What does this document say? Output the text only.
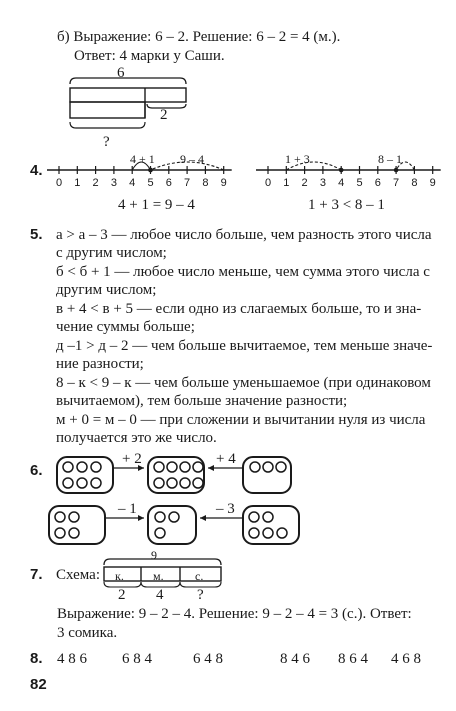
б) Выражение: 6 – 2. Решение: 6 – 2 = 4 (м.).
Ответ: 4 марки у Саши.
6
2
?
4.
0 1 2 3 4 5 6 7 8 9	0 1 2 3 4 5 6 7 8 9
4 + 1 9 – 4	1 + 3	8 – 1
4 + 1 = 9 – 4	1 + 3 < 8 – 1
5. а > а – 3 — любое число больше, чем разность этого числа
с другим числом;
б < б + 1 — любое число меньше, чем сумма этого числа с
другим числом;
в + 4 < в + 5 — если одно из слагаемых больше, то и зна-
чение суммы больше;
д –1 > д – 2 — чем больше вычитаемое, тем меньше значе-
ние разности;
8 – к < 9 – к — чем больше уменьшаемое (при одинаковом
вычитаемом), тем больше значение разности;
м + 0 = м – 0 — при сложении и вычитании нуля из числа
получается это же число.
6.
+ 2	+ 4
– 1	– 3
7. Схема:
9
к. м.	с.
2 4 ?
Выражение: 9 – 2 – 4. Решение: 9 – 2 – 4 = 3 (с.). Ответ:
3 сомика.
8. 4 8 6 6 8 4	6 4 8	8 4 6 8 6 4 4 6 8
82
